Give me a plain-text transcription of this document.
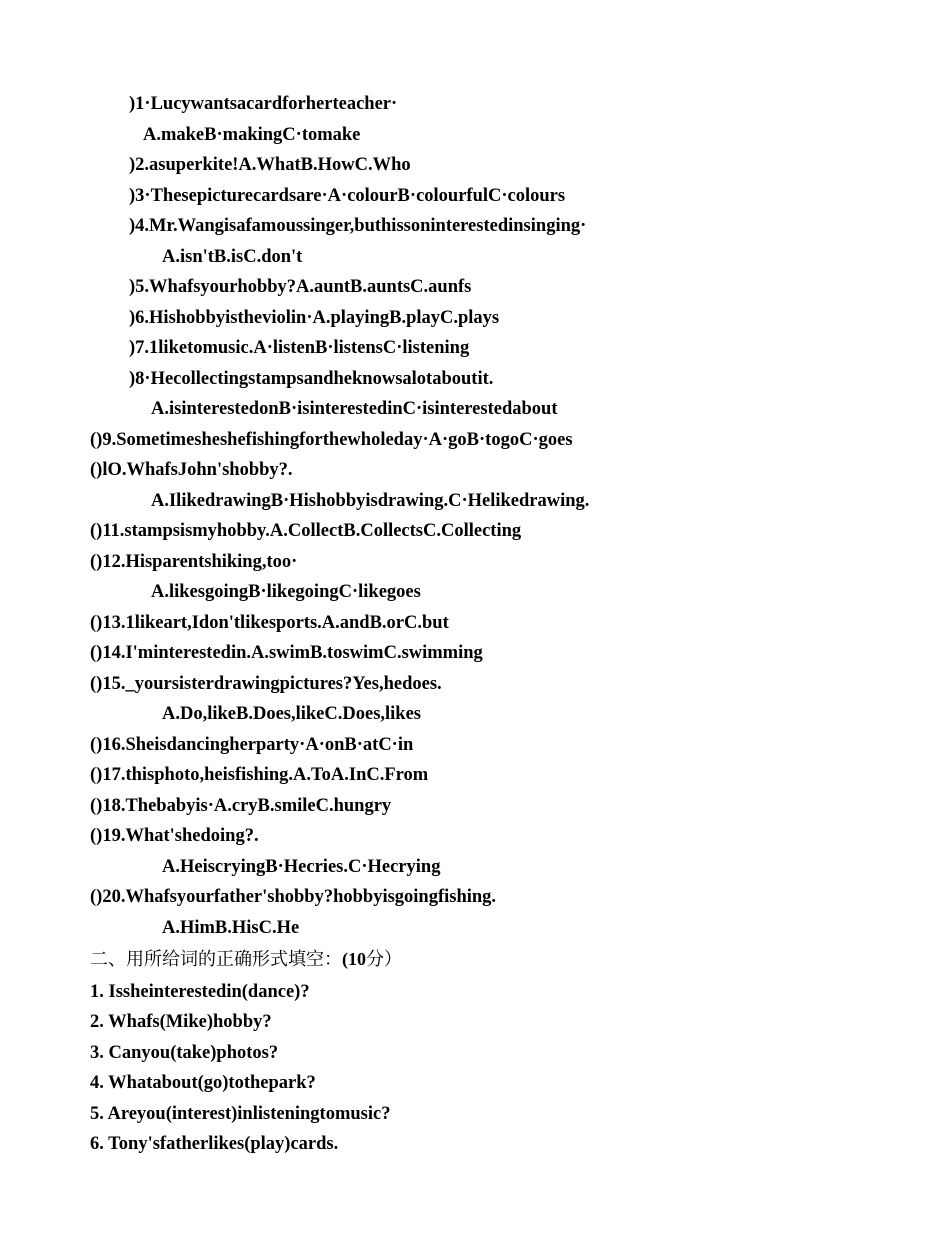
)1·Lucywantsacardforherteacher·
A.makeB·makingC·tomake
)2.asuperkite!A.WhatB.HowC.Who
)3·Thesepicturecardsare·A·colourB·colourfulC·colours
)4.Mr.Wangisafamoussinger,buthissoninterestedinsinging·
A.isn'tB.isC.don't
)5.Whafsyourhobby?A.auntB.auntsC.aunfs
)6.Hishobbyistheviolin·A.playingB.playC.plays
)7.1liketomusic.A·listenB·listensC·listening
)8·Hecollectingstampsandheknowsalotaboutit.
A.isinterestedonB·isinterestedinC·isinterestedabout
()9.Sometimesheshefishingforthewholeday·A·goB·togoC·goes
()lO.WhafsJohn'shobby?.
A.IlikedrawingB·Hishobbyisdrawing.C·Helikedrawing.
()11.stampsismyhobby.A.CollectB.CollectsC.Collecting
()12.Hisparentshiking,too·
A.likesgoingB·likegoingC·likegoes
()13.1likeart,Idon'tlikesports.A.andB.orC.but
()14.I'minterestedin.A.swimB.toswimC.swimming
()15._yoursisterdrawingpictures?Yes,hedoes.
A.Do,likeB.Does,likeC.Does,likes
()16.Sheisdancingherparty·A·onB·atC·in
()17.thisphoto,heisfishing.A.ToA.InC.From
()18.Thebabyis·A.cryB.smileC.hungry
()19.What'shedoing?.
A.HeiscryingB·Hecries.C·Hecrying
()20.Whafsyourfather'shobby?hobbyisgoingfishing.
A.HimB.HisC.He
二、用所给词的正确形式填空：(10分）
1. Issheinterestedin(dance)?
2. Whafs(Mike)hobby?
3. Canyou(take)photos?
4. Whatabout(go)tothepark?
5. Areyou(interest)inlisteningtomusic?
6. Tony'sfatherlikes(play)cards.
